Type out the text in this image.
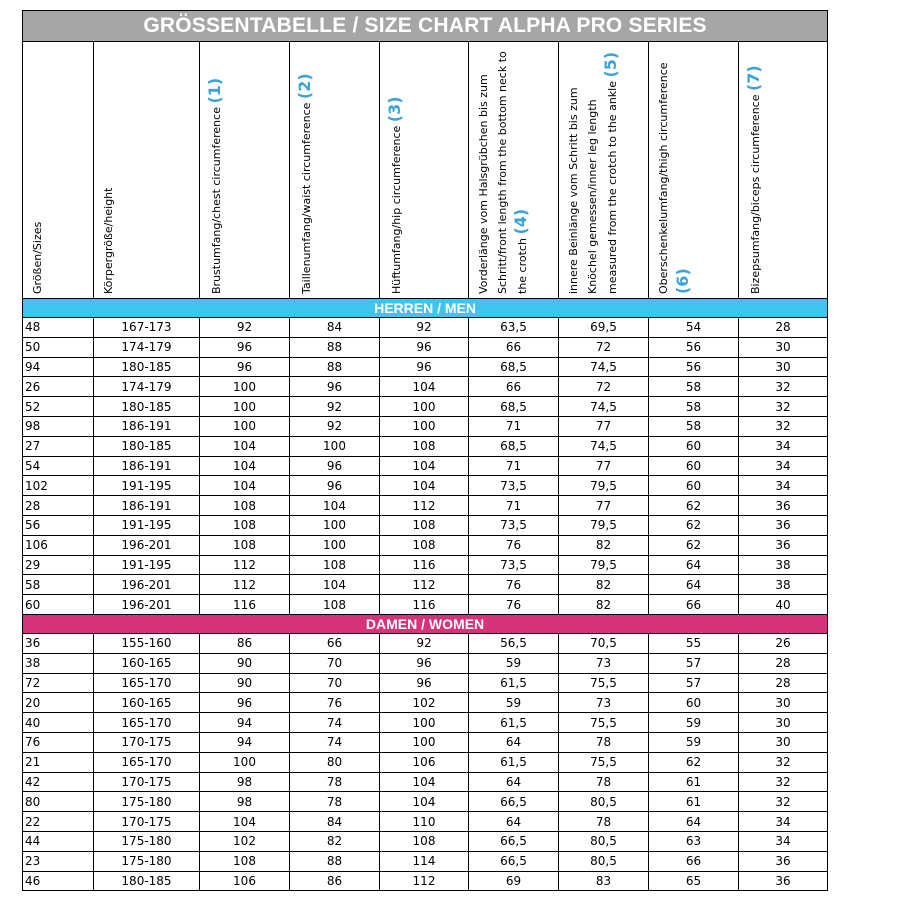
GRÖSSENTABELLE / SIZE CHART ALPHA PRO SERIES								

Größen/Sizes	Körpergröße/height	Brustumfang/chest circumference (1)	Taillenumfang/waist circumference (2)	Hüftumfang/hip circumference (3)	Vorderlänge vom Halsgrübchen bis zum Schritt/front length from the bottom neck to the crotch (4)	innere Beinlänge vom Schritt bis zum Knöchel gemessen/inner leg length measured from the crotch to the ankle (5)	Oberschenkelumfang/thigh circumference (6)	Bizepsumfang/biceps circumference (7)

HERREN / MEN								
48	167-173	92	84	92	63,5	69,5	54	28
50	174-179	96	88	96	66	72	56	30
94	180-185	96	88	96	68,5	74,5	56	30
26	174-179	100	96	104	66	72	58	32
52	180-185	100	92	100	68,5	74,5	58	32
98	186-191	100	92	100	71	77	58	32
27	180-185	104	100	108	68,5	74,5	60	34
54	186-191	104	96	104	71	77	60	34
102	191-195	104	96	104	73,5	79,5	60	34
28	186-191	108	104	112	71	77	62	36
56	191-195	108	100	108	73,5	79,5	62	36
106	196-201	108	100	108	76	82	62	36
29	191-195	112	108	116	73,5	79,5	64	38
58	196-201	112	104	112	76	82	64	38
60	196-201	116	108	116	76	82	66	40
DAMEN / WOMEN								
36	155-160	86	66	92	56,5	70,5	55	26
38	160-165	90	70	96	59	73	57	28
72	165-170	90	70	96	61,5	75,5	57	28
20	160-165	96	76	102	59	73	60	30
40	165-170	94	74	100	61,5	75,5	59	30
76	170-175	94	74	100	64	78	59	30
21	165-170	100	80	106	61,5	75,5	62	32
42	170-175	98	78	104	64	78	61	32
80	175-180	98	78	104	66,5	80,5	61	32
22	170-175	104	84	110	64	78	64	34
44	175-180	102	82	108	66,5	80,5	63	34
23	175-180	108	88	114	66,5	80,5	66	36
46	180-185	106	86	112	69	83	65	36
